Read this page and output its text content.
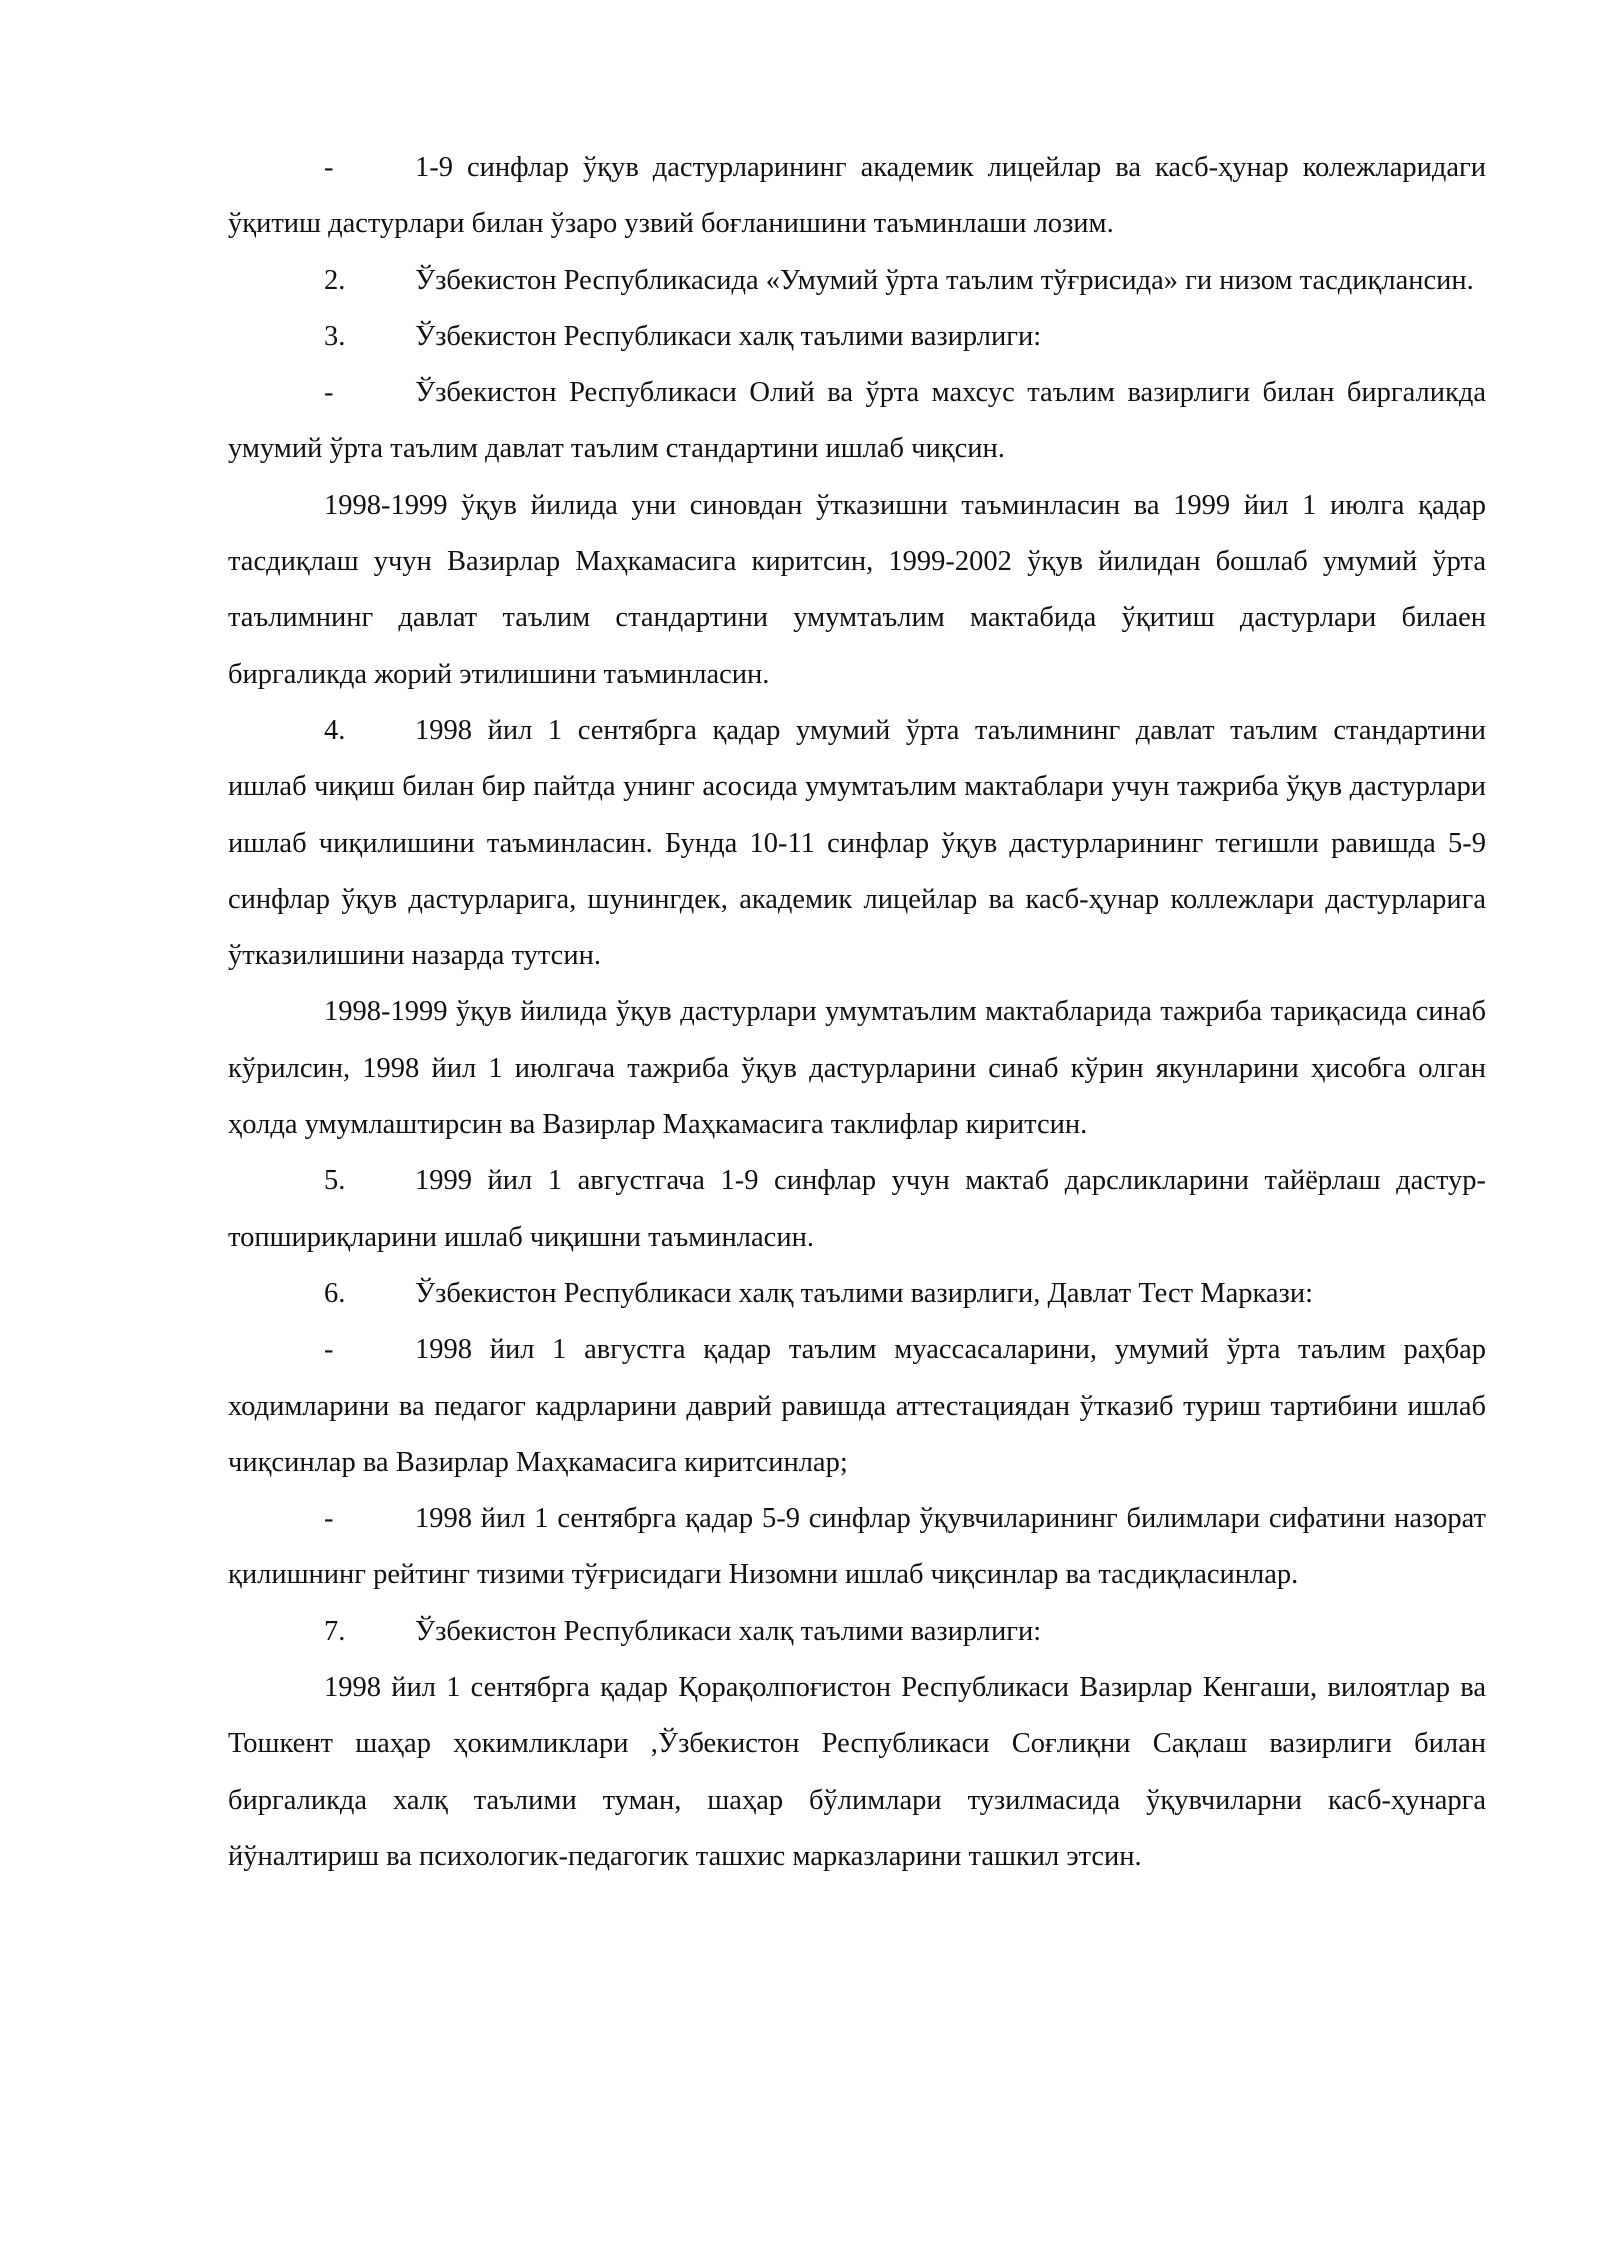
-	1-9 синфлар ўқув дастурларининг академик лицейлар ва касб-ҳунар колежларидаги ўқитиш дастурлари билан ўзаро узвий боғланишини таъминлаши лозим.

2. Ўзбекистон Республикасида «Умумий ўрта таълим тўғрисида» ги низом тасдиқлансин.

3. Ўзбекистон Республикаси халқ таълими вазирлиги:

-	Ўзбекистон Республикаси Олий ва ўрта махсус таълим вазирлиги билан биргаликда умумий ўрта таълим давлат таълим стандартини ишлаб чиқсин.

1998-1999 ўқув йилида уни синовдан ўтказишни таъминласин ва 1999 йил 1 июлга қадар тасдиқлаш учун Вазирлар Маҳкамасига киритсин, 1999-2002 ўқув йилидан бошлаб умумий ўрта таълимнинг давлат таълим стандартини умумтаълим мактабида ўқитиш дастурлари билаен биргаликда жорий этилишини таъминласин.

4. 1998 йил 1 сентябрга қадар умумий ўрта таълимнинг давлат таълим стандартини ишлаб чиқиш билан бир пайтда унинг асосида умумтаълим мактаблари учун тажриба ўқув дастурлари ишлаб чиқилишини таъминласин. Бунда 10-11 синфлар ўқув дастурларининг тегишли равишда 5-9 синфлар ўқув дастурларига, шунингдек, академик лицейлар ва касб-ҳунар коллежлари дастурларига ўтказилишини назарда тутсин.

1998-1999 ўқув йилида ўқув дастурлари умумтаълим мактабларида тажриба тариқасида синаб кўрилсин, 1998 йил 1 июлгача тажриба ўқув дастурларини синаб кўрин якунларини ҳисобга олган ҳолда умумлаштирсин ва Вазирлар Маҳкамасига таклифлар киритсин.

5. 1999 йил 1 августгача 1-9 синфлар учун мактаб дарсликларини тайёрлаш дастур-топшириқларини ишлаб чиқишни таъминласин.

6. Ўзбекистон Республикаси халқ таълими вазирлиги, Давлат Тест Маркази:

-	1998 йил 1 августга қадар таълим муассасаларини, умумий ўрта таълим раҳбар ходимларини ва педагог кадрларини даврий равишда аттестациядан ўтказиб туриш тартибини ишлаб чиқсинлар ва Вазирлар Маҳкамасига киритсинлар;

-	1998 йил 1 сентябрга қадар 5-9 синфлар ўқувчиларининг билимлари сифатини назорат қилишнинг рейтинг тизими тўғрисидаги Низомни ишлаб чиқсинлар ва тасдиқласинлар.

7. Ўзбекистон Республикаси халқ таълими вазирлиги:

1998 йил 1 сентябрга қадар Қорақолпоғистон Республикаси Вазирлар Кенгаши, вилоятлар ва Тошкент шаҳар ҳокимликлари ,Ўзбекистон Республикаси Соғлиқни Сақлаш вазирлиги билан биргаликда халқ таълими туман, шаҳар бўлимлари тузилмасида ўқувчиларни касб-ҳунарга йўналтириш ва психологик-педагогик ташхис марказларини ташкил этсин.
